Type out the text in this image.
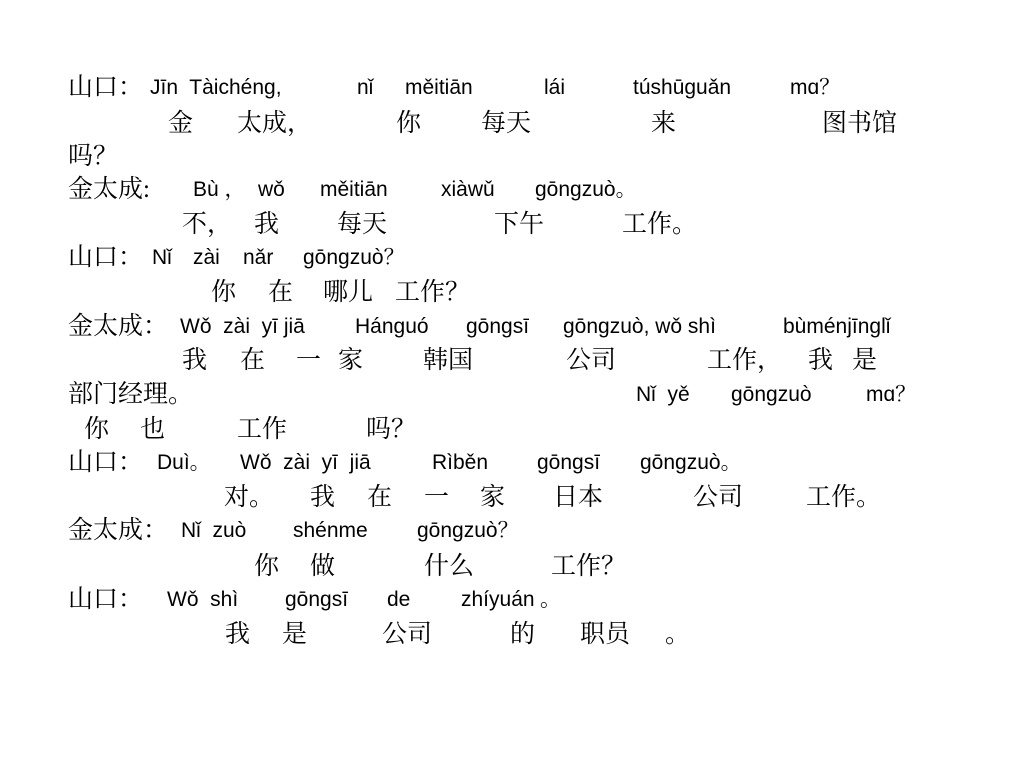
山口： Jīn  Tàichéng,	nǐ měitiān	lái	túshūguǎn	mɑ？
金 太成，	你 每天	来	图书馆
吗？
金太成: Bù ， wǒ měitiān	xiàwǔ gōngzuò。
不， 我 每天	下午	工作。
山口： Nǐ zài nǎr gōngzuò？
你 在 哪儿 工作？
金太成： Wǒ  zài  yī jiā Hánguó gōngsī gōngzuò, wǒ shì	bùménjīnglǐ
我 在 一 家 韩国	公司	工作， 我 是
部门经理。	Nǐ  yě gōngzuò	mɑ？
你 也	工作	吗？
山口： Duì。 Wǒ  zài  yī  jiā	Rìběn gōngsī gōngzuò。
对。 我 在 一 家 日本	公司	工作。
金太成： Nǐ  zuò shénme gōngzuò？
你 做	什么	工作？
山口： Wǒ  shì gōngsī de zhíyuán 。
我 是	公司	的 职员 。
